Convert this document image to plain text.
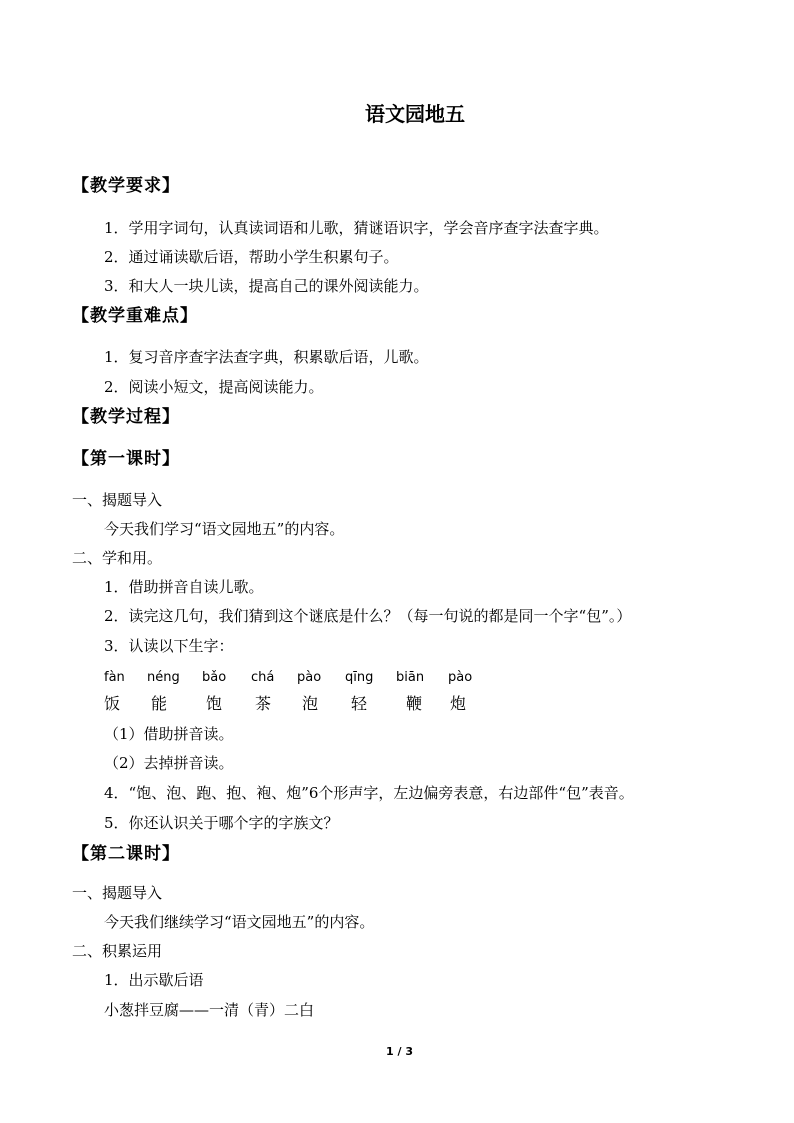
语文园地五
【教学要求】
1．学用字词句，认真读词语和儿歌，猜谜语识字，学会音序查字法查字典。
2．通过诵读歇后语，帮助小学生积累句子。
3．和大人一块儿读，提高自己的课外阅读能力。
【教学重难点】
1．复习音序查字法查字典，积累歇后语，儿歌。
2．阅读小短文，提高阅读能力。
【教学过程】
【第一课时】
一、揭题导入
今天我们学习“语文园地五”的内容。
二、学和用。
1．借助拼音自读儿歌。
2．读完这几句，我们猜到这个谜底是什么？（每一句说的都是同一个字“包”。）
3．认读以下生字：
fàn néng bǎo chá pào qīng biān pào
饭 能 饱 茶 泡 轻 鞭 炮
（1）借助拼音读。
（2）去掉拼音读。
4．“饱、泡、跑、抱、袍、炮”6个形声字，左边偏旁表意，右边部件“包”表音。
5．你还认识关于哪个字的字族文？
【第二课时】
一、揭题导入
今天我们继续学习“语文园地五”的内容。
二、积累运用
1．出示歇后语
小葱拌豆腐——一清（青）二白
1 / 3
